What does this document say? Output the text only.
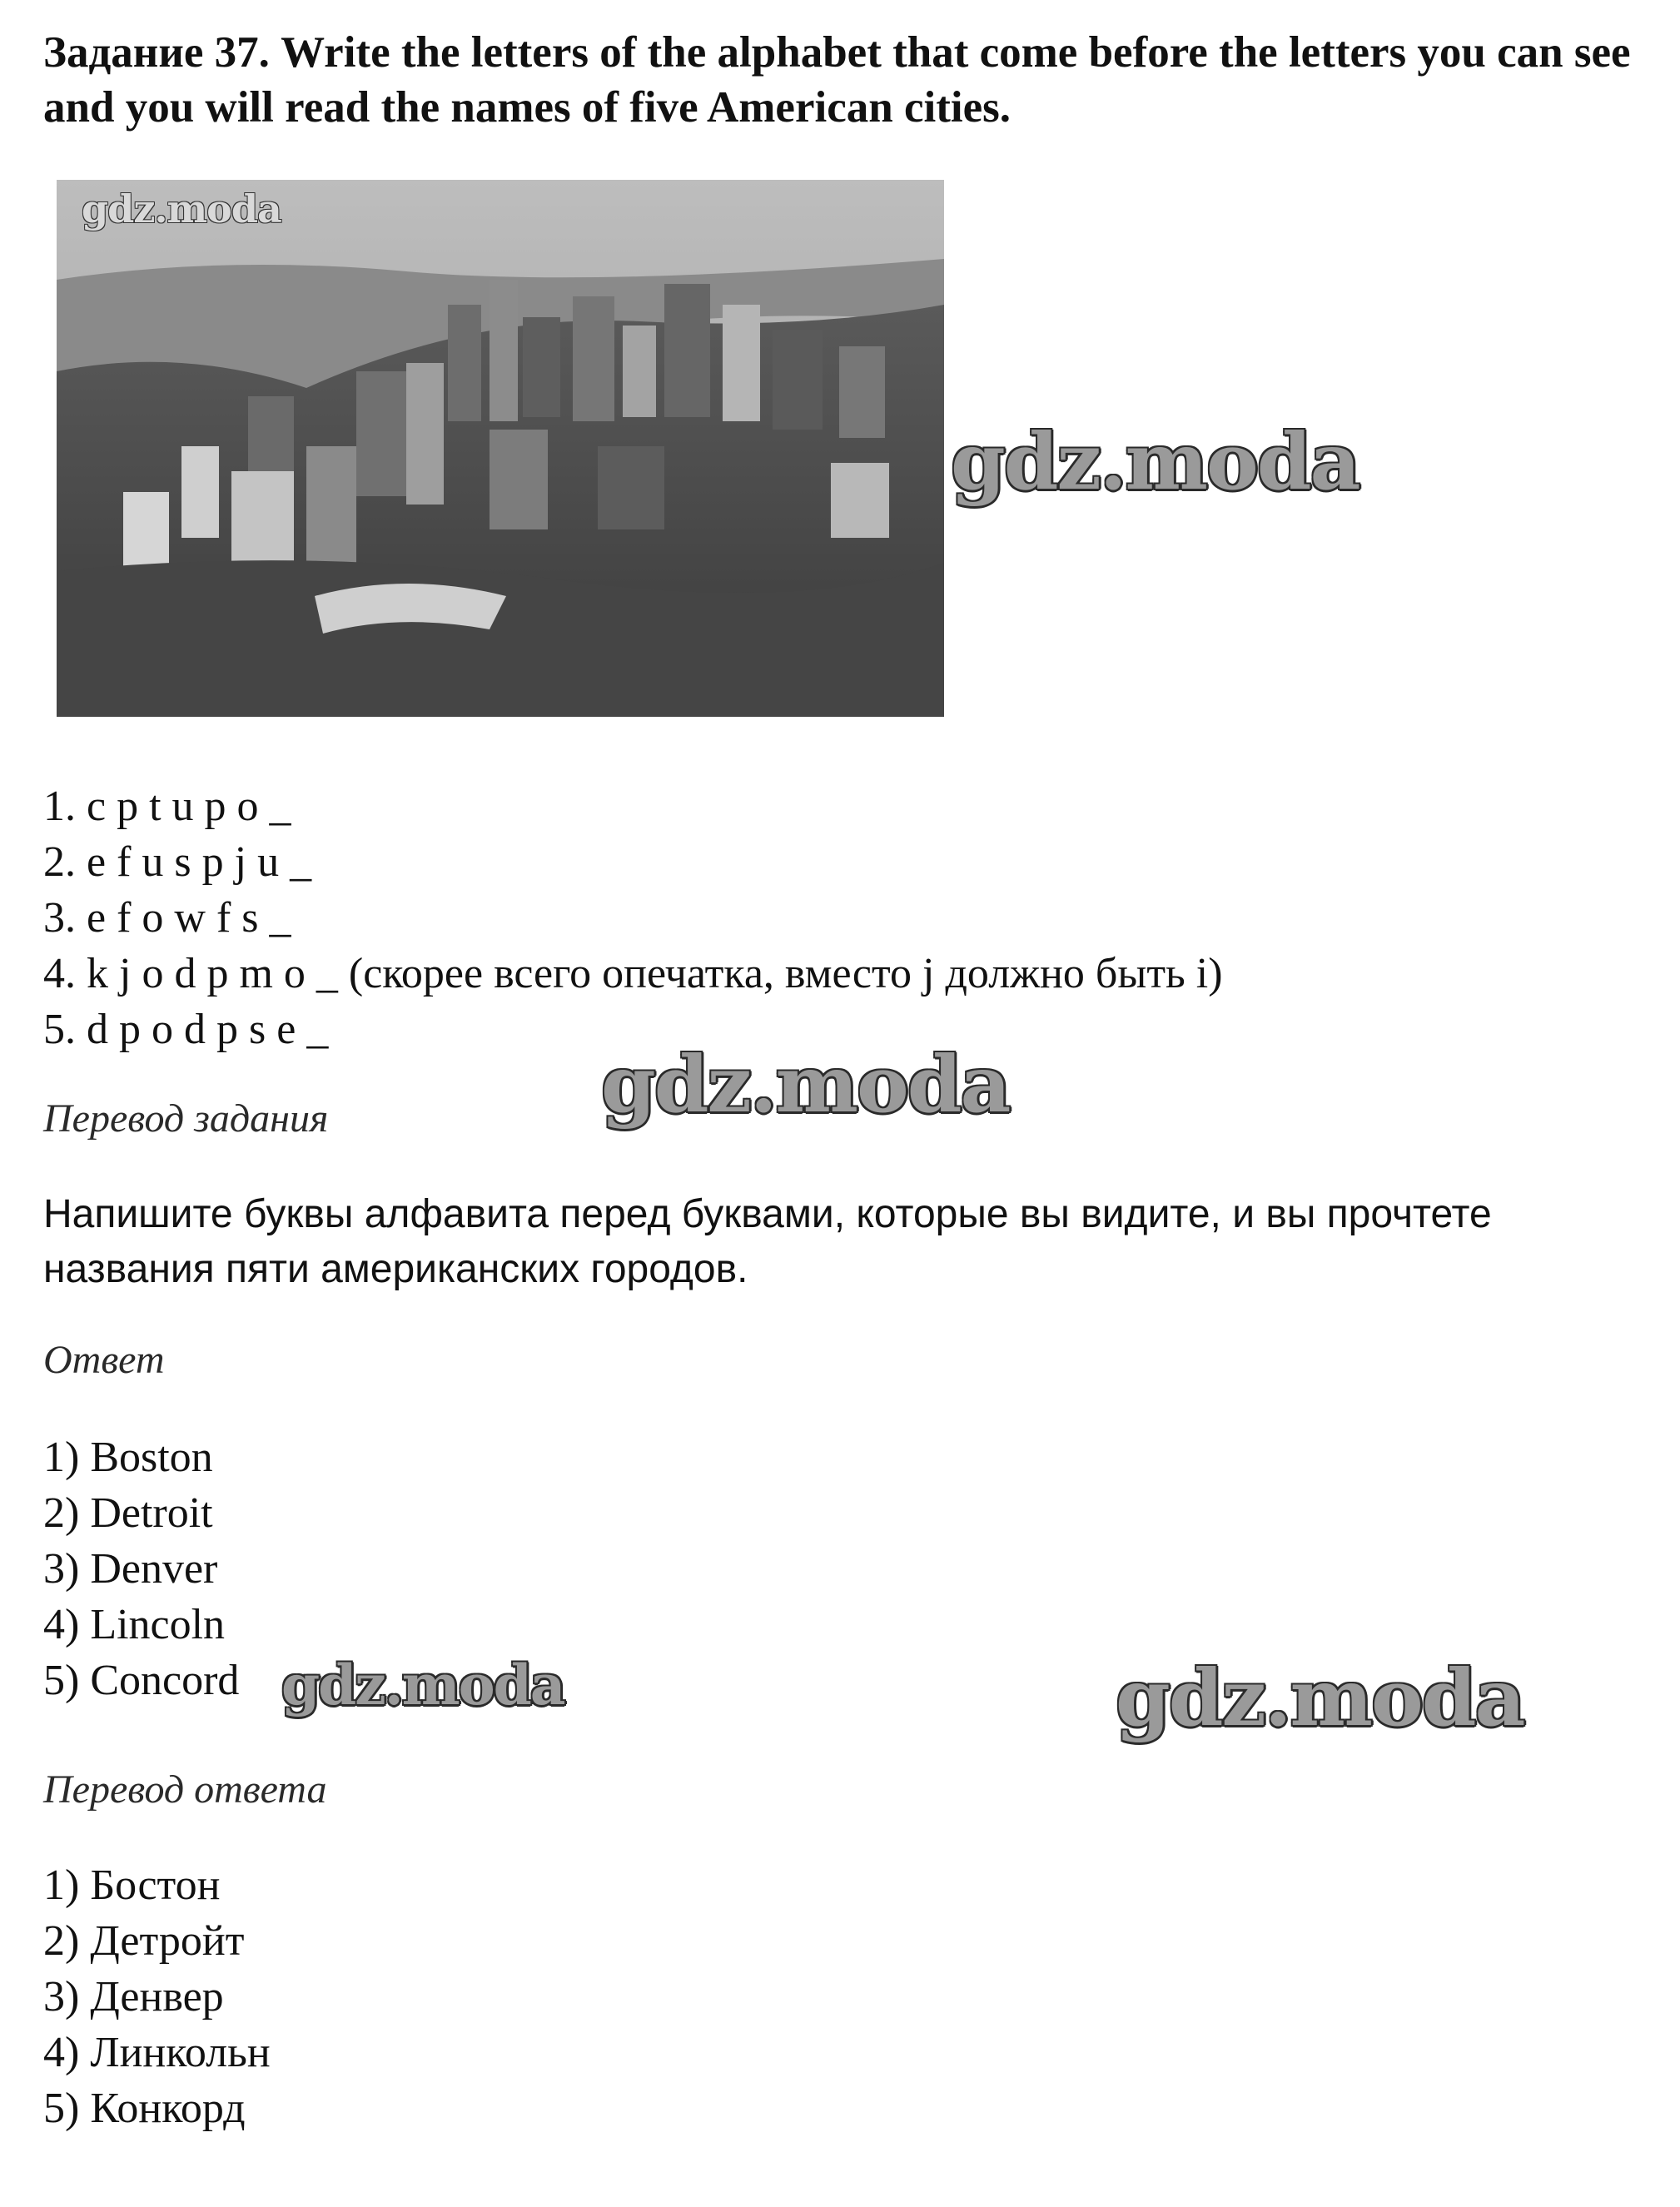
Задание 37. Write the letters of the alphabet that come before the letters you can see and you will read the names of five American cities.
gdz.moda
gdz.moda
gdz.moda
gdz.moda	gdz.moda
1. c p t u p o _
2. e f u s p j u _
3. e f o w f s _
4. k j o d p m o _ (скорее всего опечатка, вместо j должно быть i)
5. d p o d p s e _
Перевод задания
Напишите буквы алфавита перед буквами, которые вы видите, и вы прочтете названия пяти американских городов.
Ответ
1) Boston
2) Detroit
3) Denver
4) Lincoln
5) Concord
Перевод ответа
1) Бостон
2) Детройт
3) Денвер
4) Линкольн
5) Конкорд
